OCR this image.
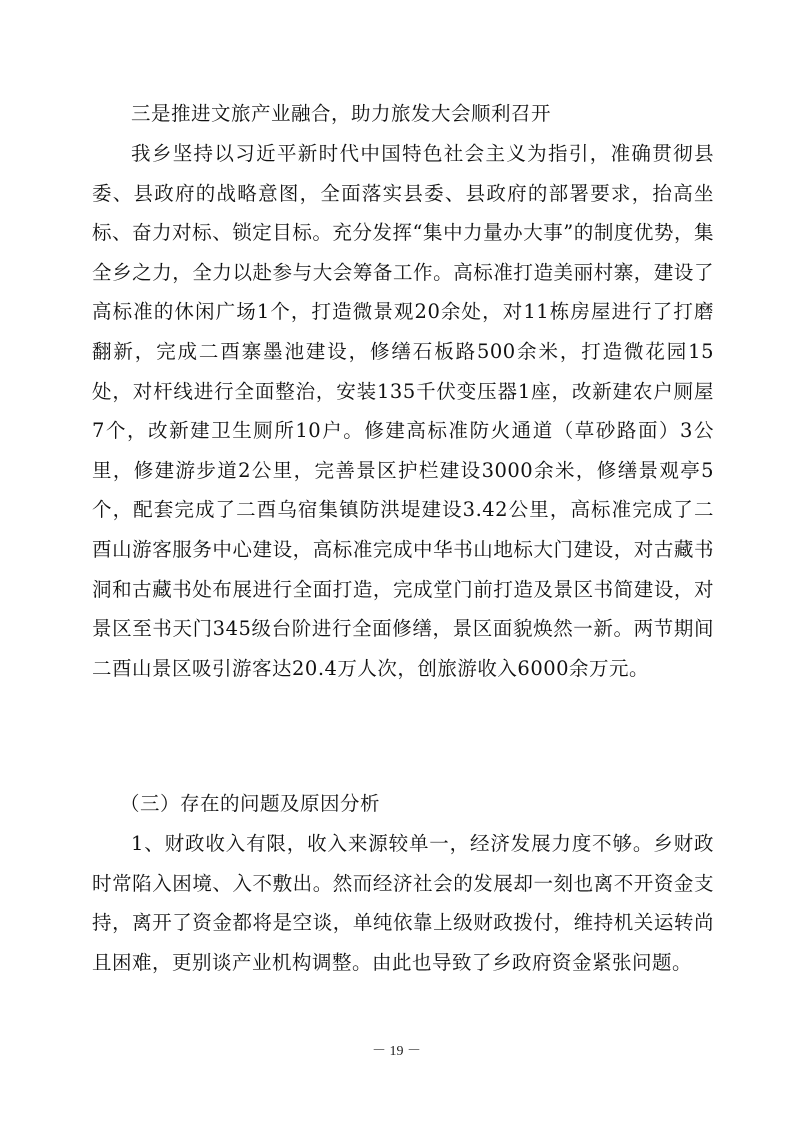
三是推进文旅产业融合，助力旅发大会顺利召开

我乡坚持以习近平新时代中国特色社会主义为指引，准确贯彻县委、县政府的战略意图，全面落实县委、县政府的部署要求，抬高坐标、奋力对标、锁定目标。充分发挥“集中力量办大事”的制度优势，集全乡之力，全力以赴参与大会筹备工作。高标准打造美丽村寨，建设了高标准的休闲广场1个，打造微景观20余处，对11栋房屋进行了打磨翻新，完成二酉寨墨池建设，修缮石板路500余米，打造微花园15处，对杆线进行全面整治，安装135千伏变压器1座，改新建农户厕屋7个，改新建卫生厕所10户。修建高标准防火通道（草砂路面）3公里，修建游步道2公里，完善景区护栏建设3000余米，修缮景观亭5个，配套完成了二酉乌宿集镇防洪堤建设3.42公里，高标准完成了二酉山游客服务中心建设，高标准完成中华书山地标大门建设，对古藏书洞和古藏书处布展进行全面打造，完成堂门前打造及景区书简建设，对景区至书天门345级台阶进行全面修缮，景区面貌焕然一新。两节期间二酉山景区吸引游客达20.4万人次，创旅游收入6000余万元。

（三）存在的问题及原因分析

1、财政收入有限，收入来源较单一，经济发展力度不够。乡财政时常陷入困境、入不敷出。然而经济社会的发展却一刻也离不开资金支持，离开了资金都将是空谈，单纯依靠上级财政拨付，维持机关运转尚且困难，更别谈产业机构调整。由此也导致了乡政府资金紧张问题。

－ 19 －
